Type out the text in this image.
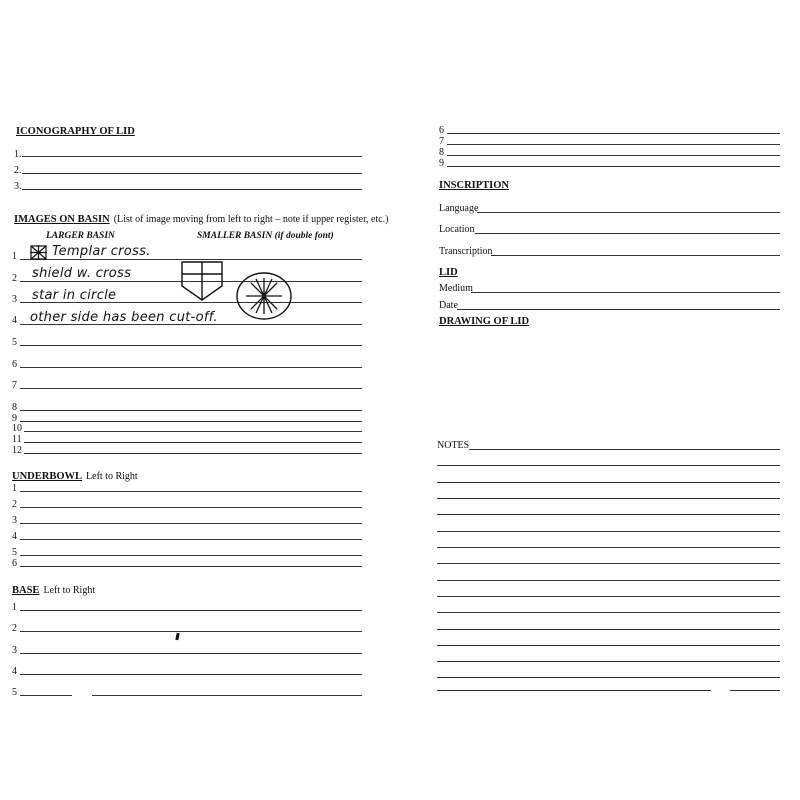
ICONOGRAPHY OF LID
1.
2.
3.
IMAGES ON BASIN (List of image moving from left to right – note if upper register, etc.)
LARGER BASIN	SMALLER BASIN (if double font)
1
2
3
4
Templar cross.
shield w. cross
star in circle
other side has been cut-off.
5
6
7
8
9
10
11
12
UNDERBOWL Left to Right
1
2
3
4
5
6
BASE Left to Right
1
2
3
4
5
6
7
8
9
INSCRIPTION
Language
Location
Transcription
LID
Medium
Date
DRAWING OF LID
NOTES
